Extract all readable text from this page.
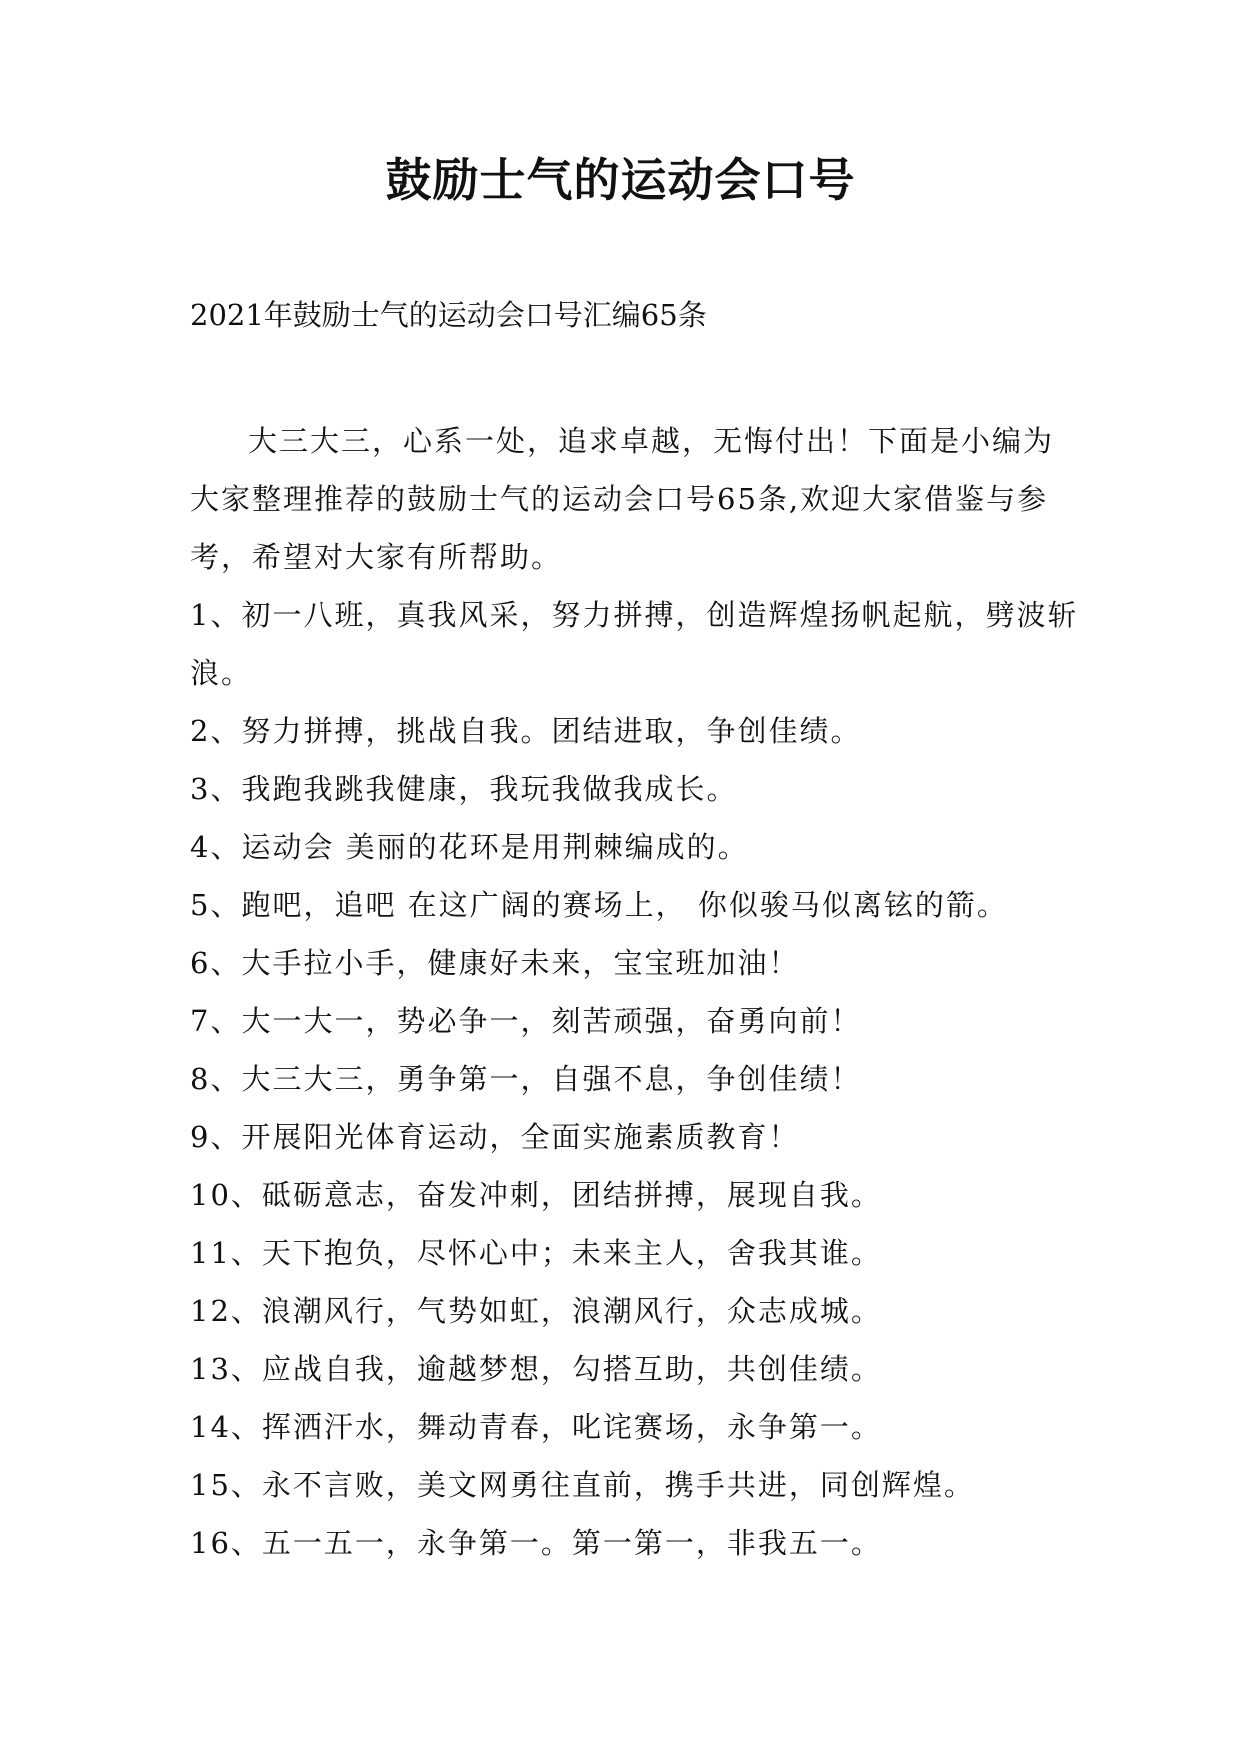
鼓励士气的运动会口号
2021年鼓励士气的运动会口号汇编65条
大三大三，心系一处，追求卓越，无悔付出！下面是小编为大家整理推荐的鼓励士气的运动会口号65条,欢迎大家借鉴与参考，希望对大家有所帮助。
1、初一八班，真我风采，努力拼搏，创造辉煌扬帆起航，劈波斩浪。
2、努力拼搏，挑战自我。团结进取，争创佳绩。
3、我跑我跳我健康，我玩我做我成长。
4、运动会 美丽的花环是用荆棘编成的。
5、跑吧，追吧 在这广阔的赛场上， 你似骏马似离铉的箭。
6、大手拉小手，健康好未来，宝宝班加油！
7、大一大一，势必争一，刻苦顽强，奋勇向前！
8、大三大三，勇争第一，自强不息，争创佳绩！
9、开展阳光体育运动，全面实施素质教育！
10、砥砺意志，奋发冲刺，团结拼搏，展现自我。
11、天下抱负，尽怀心中；未来主人，舍我其谁。
12、浪潮风行，气势如虹，浪潮风行，众志成城。
13、应战自我，逾越梦想，勾搭互助，共创佳绩。
14、挥洒汗水，舞动青春，叱诧赛场，永争第一。
15、永不言败，美文网勇往直前，携手共进，同创辉煌。
16、五一五一，永争第一。第一第一，非我五一。
